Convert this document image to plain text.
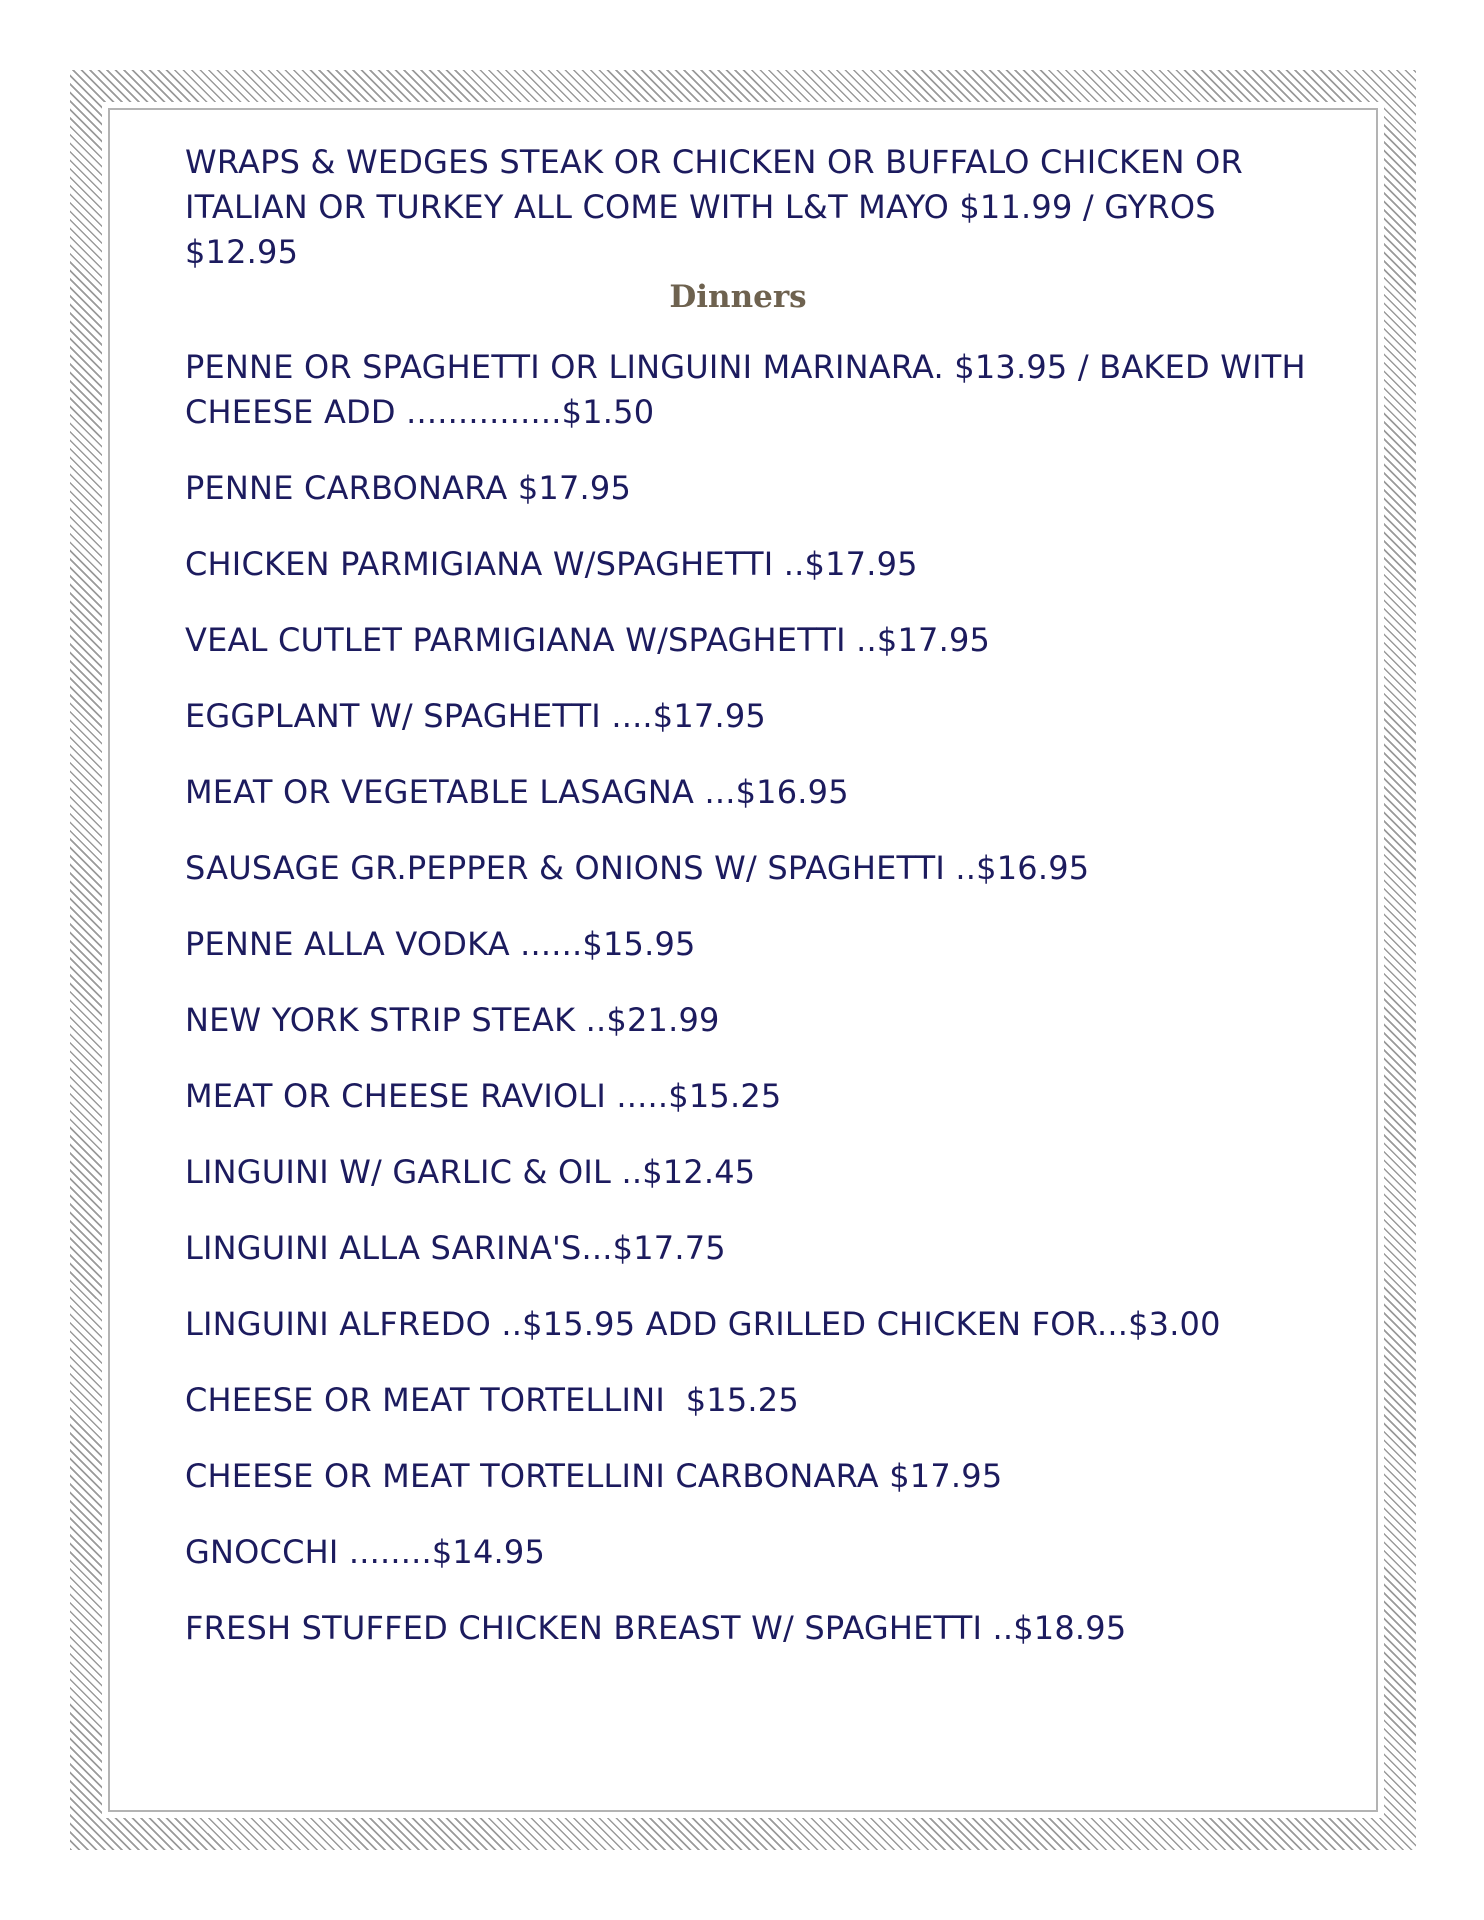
WRAPS & WEDGES STEAK OR CHICKEN OR BUFFALO CHICKEN OR ITALIAN OR TURKEY ALL COME WITH L&T MAYO $11.99 / GYROS $12.95

Dinners

PENNE OR SPAGHETTI OR LINGUINI MARINARA. $13.95 / BAKED WITH CHEESE ADD ...............$1.50

PENNE CARBONARA $17.95

CHICKEN PARMIGIANA W/SPAGHETTI ..$17.95

VEAL CUTLET PARMIGIANA W/SPAGHETTI ..$17.95

EGGPLANT W/ SPAGHETTI ....$17.95

MEAT OR VEGETABLE LASAGNA ...$16.95

SAUSAGE GR.PEPPER & ONIONS W/ SPAGHETTI ..$16.95

PENNE ALLA VODKA ......$15.95

NEW YORK STRIP STEAK ..$21.99

MEAT OR CHEESE RAVIOLI .....$15.25

LINGUINI W/ GARLIC & OIL ..$12.45

LINGUINI ALLA SARINA'S...$17.75

LINGUINI ALFREDO ..$15.95 ADD GRILLED CHICKEN FOR...$3.00

CHEESE OR MEAT TORTELLINI  $15.25

CHEESE OR MEAT TORTELLINI CARBONARA $17.95

GNOCCHI ........$14.95

FRESH STUFFED CHICKEN BREAST W/ SPAGHETTI ..$18.95
